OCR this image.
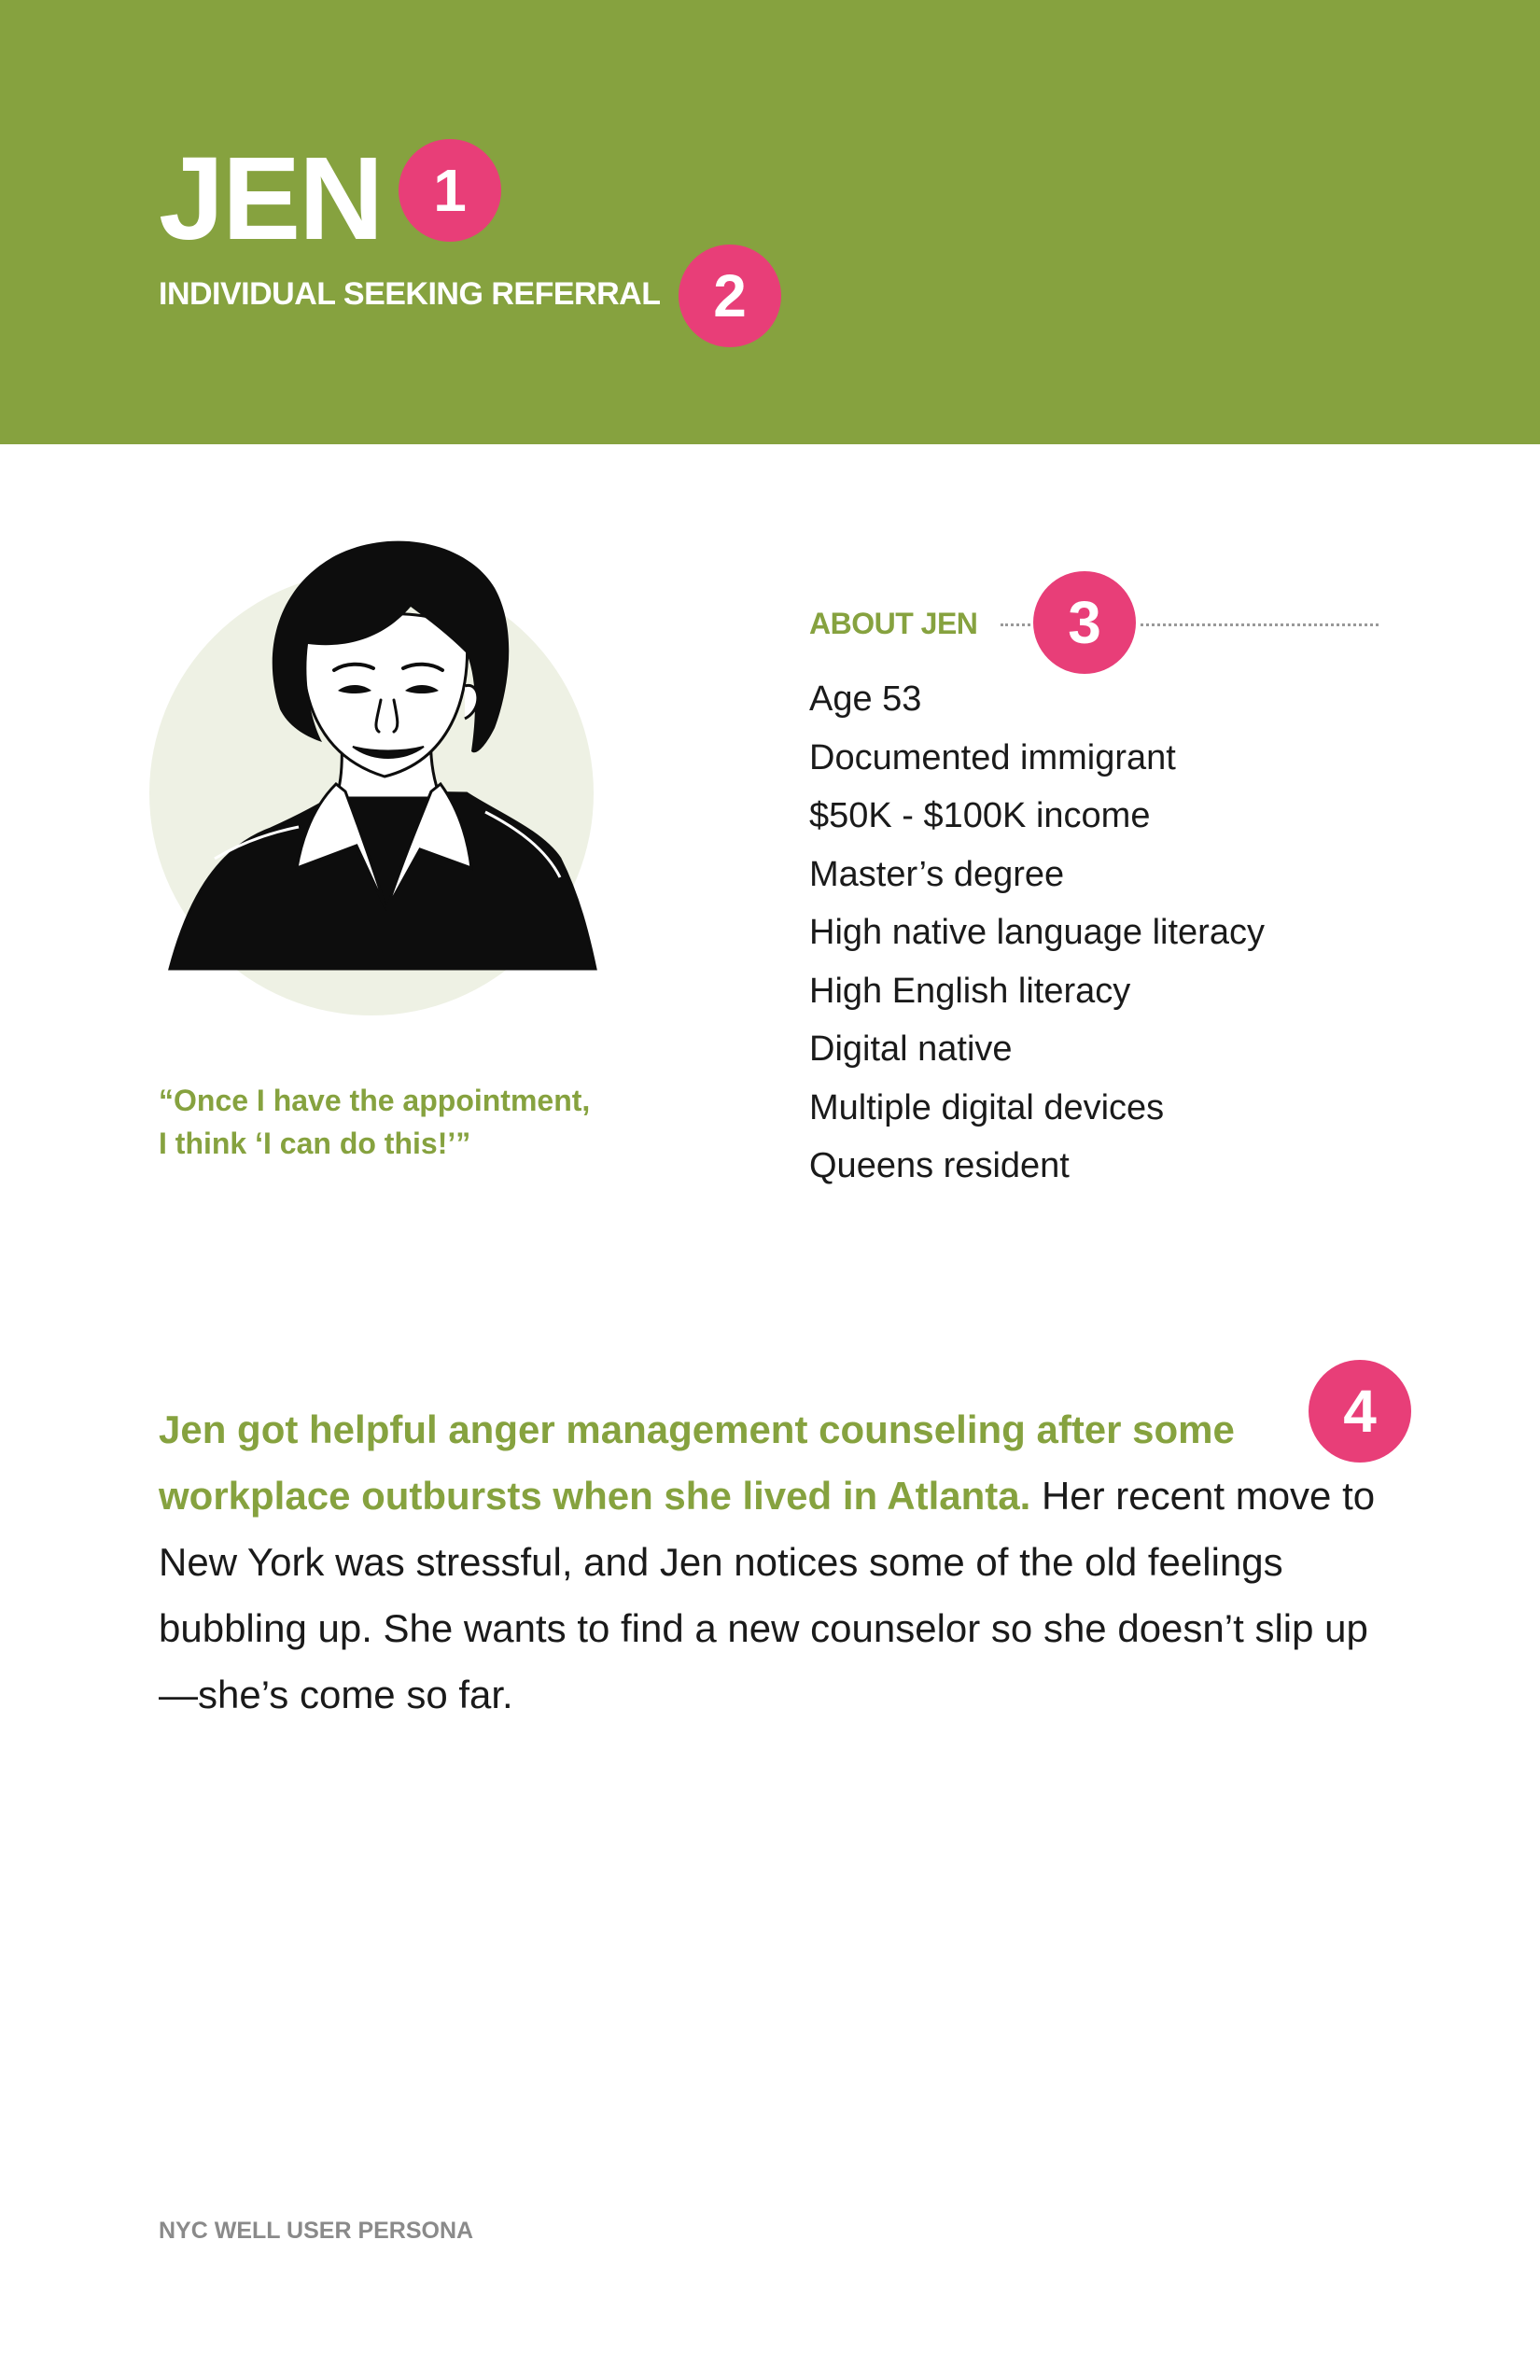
JEN
INDIVIDUAL SEEKING REFERRAL
1
2
“Once I have the appointment,
I think ‘I can do this!’”
ABOUT JEN	3
Age 53
Documented immigrant
$50K - $100K income
Master’s degree
High native language literacy
High English literacy
Digital native
Multiple digital devices
Queens resident
4

Jen got helpful anger management counseling after some workplace outbursts when she lived in Atlanta. Her recent move to New York was stressful, and Jen notices some of the old feelings bubbling up. She wants to find a new counselor so she doesn’t slip up—she’s come so far.

NYC WELL USER PERSONA
